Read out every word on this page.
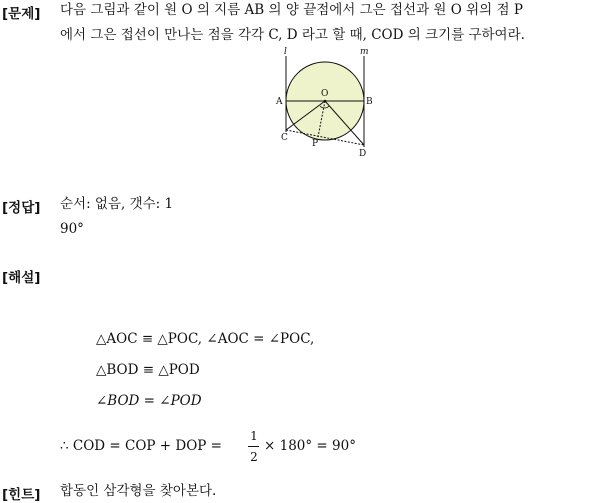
[문제] 다음 그림과 같이 원 O 의 지름 AB 의 양 끝점에서 그은 접선과 원 O 위의 점 P
에서 그은 접선이 만나는 점을 각각 C, D 라고 할 때, COD 의 크기를 구하여라.
l	m
A	B
O
C
P
D
[정답] 순서: 없음, 갯수: 1
90°
[해설]
△AOC ≡ △POC, ∠AOC = ∠POC,
△BOD ≡ △POD
∠BOD = ∠POD
∴ COD = COP + DOP =
1
2
× 180° = 90°
[힌트] 합동인 삼각형을 찾아본다.
